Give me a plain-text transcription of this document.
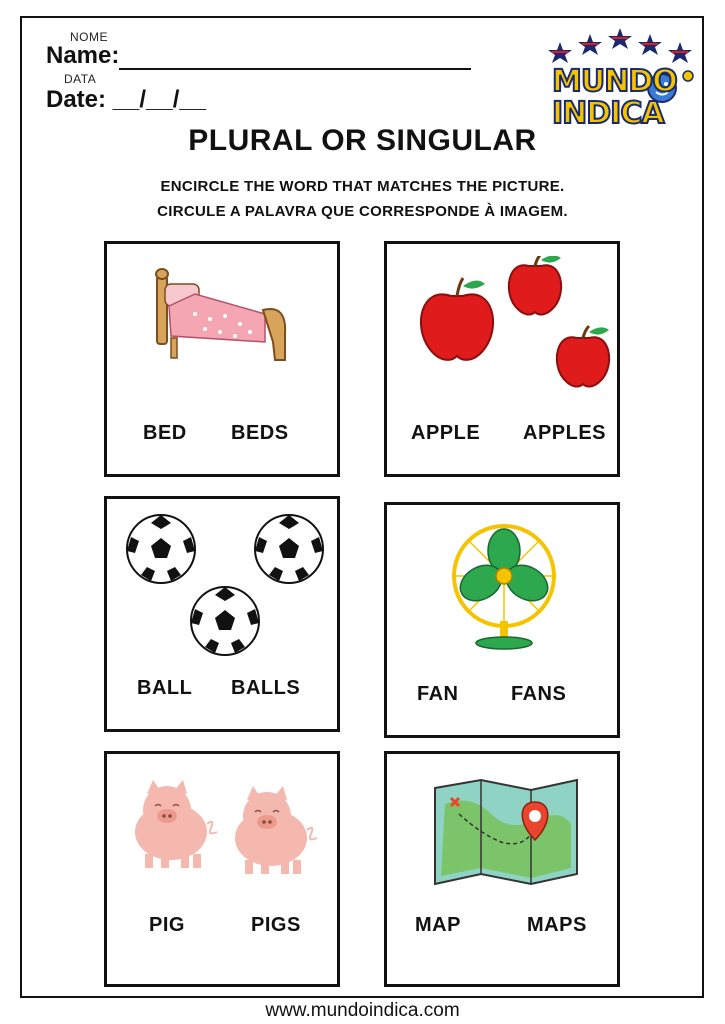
NOME
Name:
DATA
Date: __/__/__
MUNDO
INDICA
PLURAL OR SINGULAR
ENCIRCLE THE WORD THAT MATCHES THE PICTURE.
CIRCULE A PALAVRA QUE CORRESPONDE À IMAGEM.
BED BEDS	APPLE APPLES
BALL BALLS	FAN	FANS
PIG	PIGS	MAP	MAPS
www.mundoindica.com
